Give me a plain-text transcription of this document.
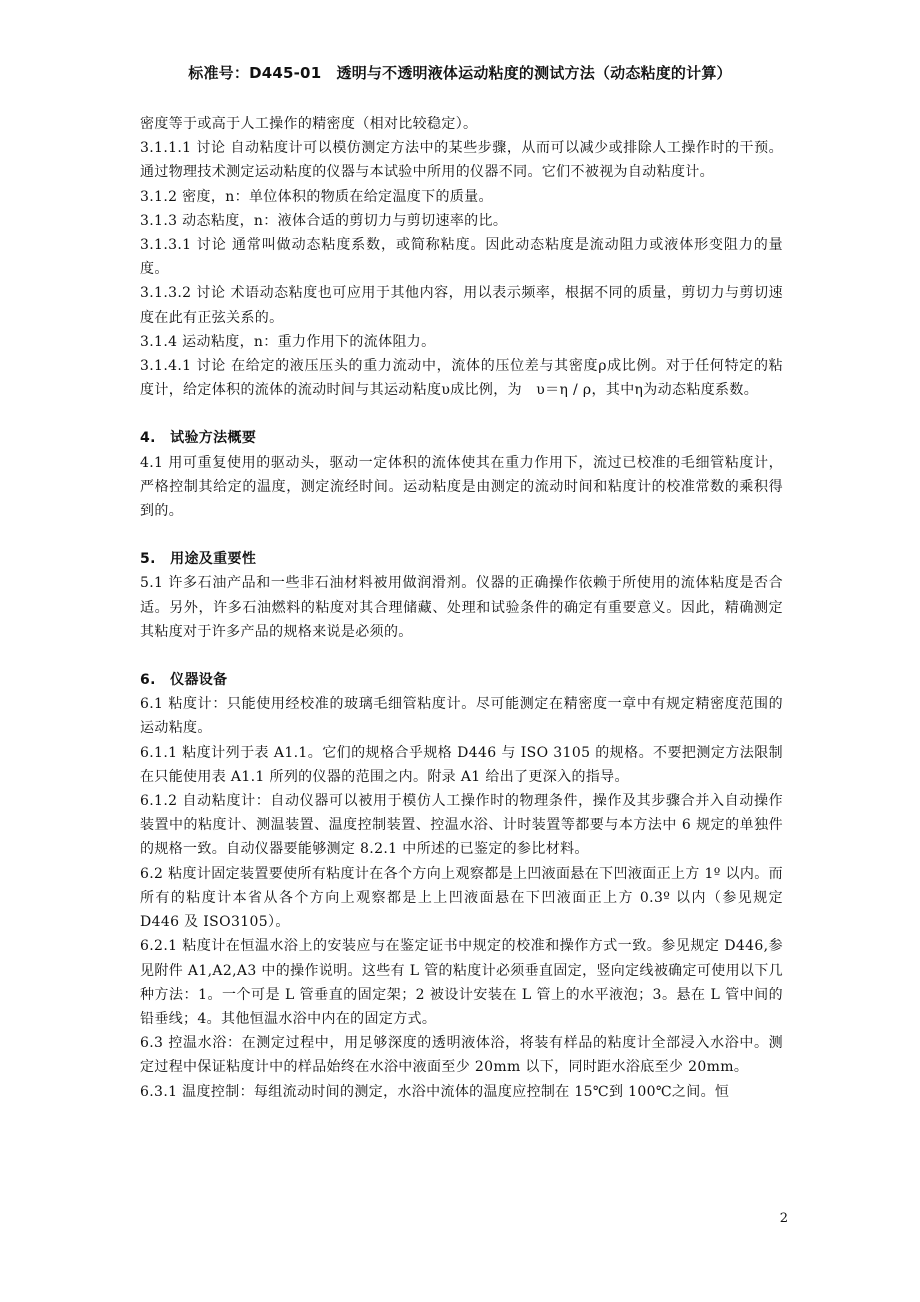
标准号：D445-01　透明与不透明液体运动粘度的测试方法（动态粘度的计算）

密度等于或高于人工操作的精密度（相对比较稳定）。

3.1.1.1 讨论 自动粘度计可以模仿测定方法中的某些步骤，从而可以减少或排除人工操作时的干预。通过物理技术测定运动粘度的仪器与本试验中所用的仪器不同。它们不被视为自动粘度计。

3.1.2 密度，n：单位体积的物质在给定温度下的质量。

3.1.3 动态粘度，n：液体合适的剪切力与剪切速率的比。

3.1.3.1 讨论 通常叫做动态粘度系数，或简称粘度。因此动态粘度是流动阻力或液体形变阻力的量度。

3.1.3.2 讨论 术语动态粘度也可应用于其他内容，用以表示频率，根据不同的质量，剪切力与剪切速度在此有正弦关系的。

3.1.4 运动粘度，n：重力作用下的流体阻力。

3.1.4.1 讨论 在给定的液压压头的重力流动中，流体的压位差与其密度ρ成比例。对于任何特定的粘度计，给定体积的流体的流动时间与其运动粘度υ成比例，为　υ＝η / ρ，其中η为动态粘度系数。

4.　试验方法概要

4.1 用可重复使用的驱动头，驱动一定体积的流体使其在重力作用下，流过已校准的毛细管粘度计，严格控制其给定的温度，测定流经时间。运动粘度是由测定的流动时间和粘度计的校准常数的乘积得到的。

5.　用途及重要性

5.1 许多石油产品和一些非石油材料被用做润滑剂。仪器的正确操作依赖于所使用的流体粘度是否合适。另外，许多石油燃料的粘度对其合理储藏、处理和试验条件的确定有重要意义。因此，精确测定其粘度对于许多产品的规格来说是必须的。

6.　仪器设备

6.1 粘度计：只能使用经校准的玻璃毛细管粘度计。尽可能测定在精密度一章中有规定精密度范围的运动粘度。

6.1.1 粘度计列于表 A1.1。它们的规格合乎规格 D446 与 ISO 3105 的规格。不要把测定方法限制在只能使用表 A1.1 所列的仪器的范围之内。附录 A1 给出了更深入的指导。

6.1.2 自动粘度计：自动仪器可以被用于模仿人工操作时的物理条件，操作及其步骤合并入自动操作装置中的粘度计、测温装置、温度控制装置、控温水浴、计时装置等都要与本方法中 6 规定的单独件的规格一致。自动仪器要能够测定 8.2.1 中所述的已鉴定的参比材料。

6.2 粘度计固定装置要使所有粘度计在各个方向上观察都是上凹液面悬在下凹液面正上方 1º 以内。而所有的粘度计本省从各个方向上观察都是上上凹液面悬在下凹液面正上方 0.3º 以内（参见规定 D446 及 ISO3105）。

6.2.1 粘度计在恒温水浴上的安装应与在鉴定证书中规定的校准和操作方式一致。参见规定 D446,参见附件 A1,A2,A3 中的操作说明。这些有 L 管的粘度计必须垂直固定，竖向定线被确定可使用以下几种方法：1。一个可是 L 管垂直的固定架；2 被设计安装在 L 管上的水平液泡；3。悬在 L 管中间的铅垂线；4。其他恒温水浴中内在的固定方式。

6.3 控温水浴：在测定过程中，用足够深度的透明液体浴，将装有样品的粘度计全部浸入水浴中。测定过程中保证粘度计中的样品始终在水浴中液面至少 20mm 以下，同时距水浴底至少 20mm。

6.3.1 温度控制：每组流动时间的测定，水浴中流体的温度应控制在 15℃到 100℃之间。恒

2
